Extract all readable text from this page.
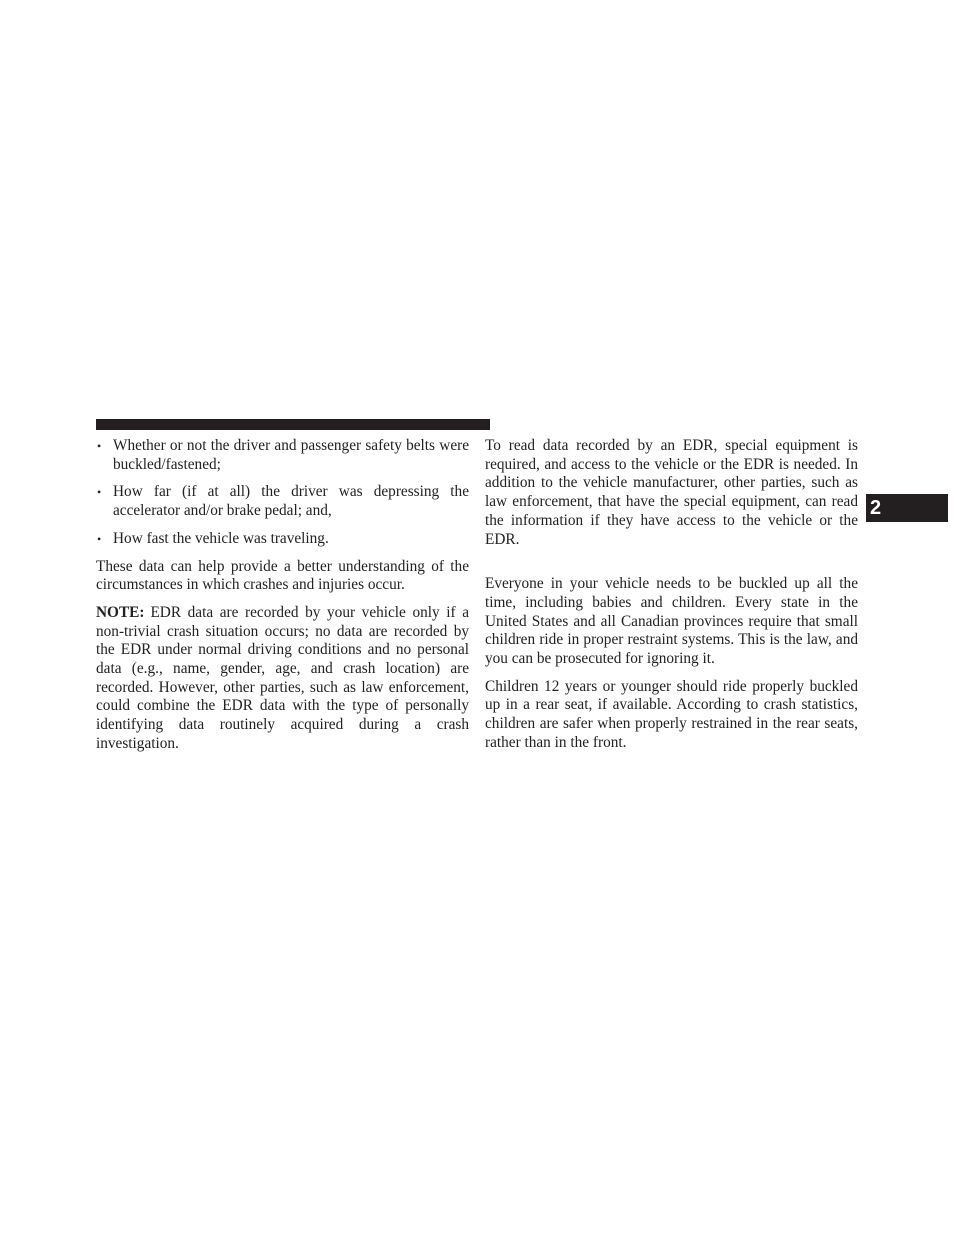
• Whether or not the driver and passenger safety belts were buckled/fastened;
• How far (if at all) the driver was depressing the accelerator and/or brake pedal; and,
• How fast the vehicle was traveling.

These data can help provide a better understanding of the circumstances in which crashes and injuries occur.

NOTE: EDR data are recorded by your vehicle only if a non-trivial crash situation occurs; no data are recorded by the EDR under normal driving conditions and no personal data (e.g., name, gender, age, and crash location) are recorded. However, other parties, such as law enforcement, could combine the EDR data with the type of personally identifying data routinely acquired during a crash investigation.

To read data recorded by an EDR, special equipment is required, and access to the vehicle or the EDR is needed. In addition to the vehicle manufacturer, other parties, such as law enforcement, that have the special equipment, can read the information if they have access to the vehicle or the EDR.

Everyone in your vehicle needs to be buckled up all the time, including babies and children. Every state in the United States and all Canadian provinces require that small children ride in proper restraint systems. This is the law, and you can be prosecuted for ignoring it.

Children 12 years or younger should ride properly buckled up in a rear seat, if available. According to crash statistics, children are safer when properly restrained in the rear seats, rather than in the front.

2
